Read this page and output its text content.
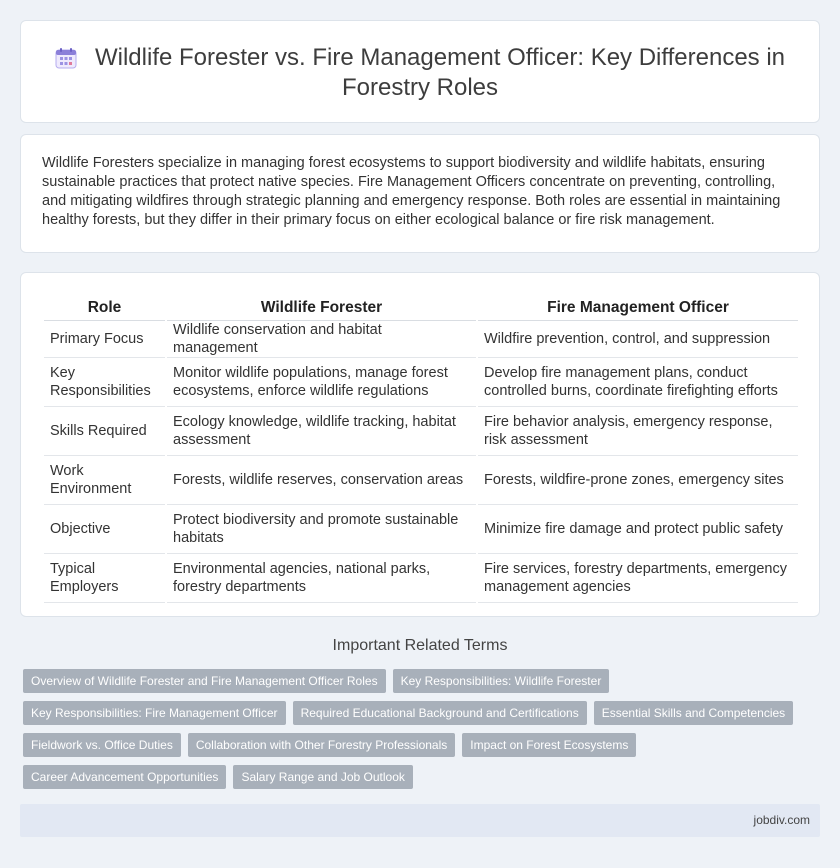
Wildlife Forester vs. Fire Management Officer: Key Differences in Forestry Roles

Wildlife Foresters specialize in managing forest ecosystems to support biodiversity and wildlife habitats, ensuring sustainable practices that protect native species. Fire Management Officers concentrate on preventing, controlling, and mitigating wildfires through strategic planning and emergency response. Both roles are essential in maintaining healthy forests, but they differ in their primary focus on either ecological balance or fire risk management.

Role	Wildlife Forester	Fire Management Officer
Primary Focus	Wildlife conservation and habitat management	Wildfire prevention, control, and suppression
Key Responsibilities	Monitor wildlife populations, manage forest ecosystems, enforce wildlife regulations	Develop fire management plans, conduct controlled burns, coordinate firefighting efforts
Skills Required	Ecology knowledge, wildlife tracking, habitat assessment	Fire behavior analysis, emergency response, risk assessment
Work Environment	Forests, wildlife reserves, conservation areas	Forests, wildfire-prone zones, emergency sites
Objective	Protect biodiversity and promote sustainable habitats	Minimize fire damage and protect public safety
Typical Employers	Environmental agencies, national parks, forestry departments	Fire services, forestry departments, emergency management agencies
Important Related Terms
Overview of Wildlife Forester and Fire Management Officer Roles	Key Responsibilities: Wildlife Forester
Key Responsibilities: Fire Management Officer	Required Educational Background and Certifications	Essential Skills and Competencies
Fieldwork vs. Office Duties	Collaboration with Other Forestry Professionals	Impact on Forest Ecosystems
Career Advancement Opportunities	Salary Range and Job Outlook
jobdiv.com
